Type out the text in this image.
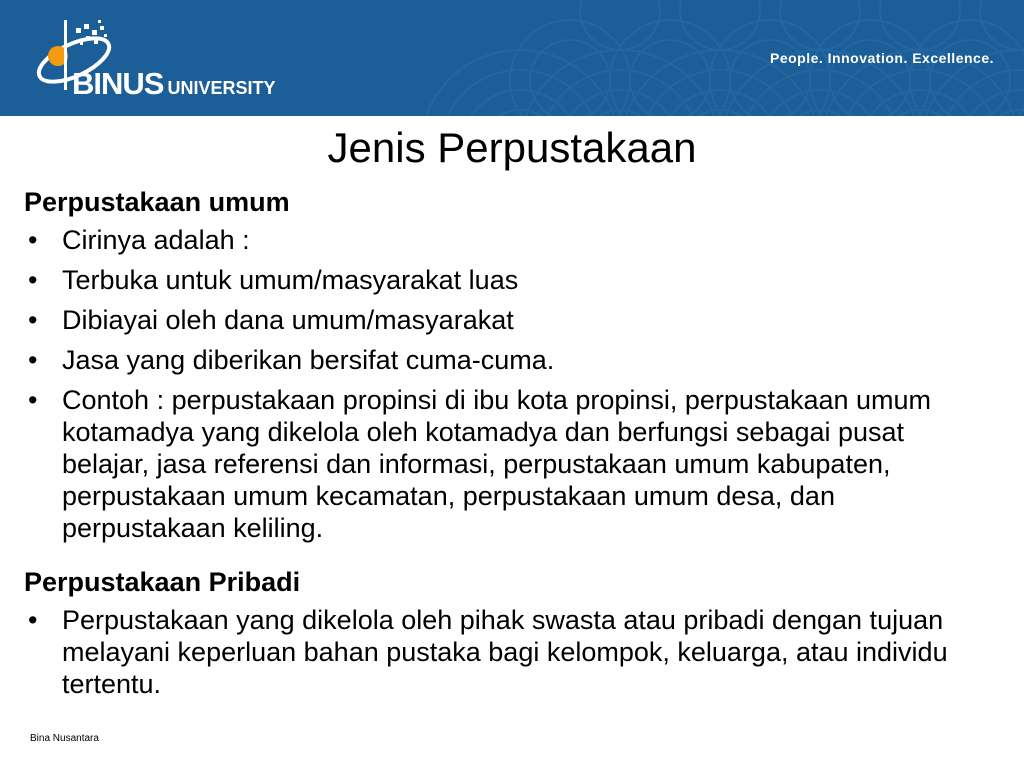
BINUS UNIVERSITY
People. Innovation. Excellence.
Jenis Perpustakaan

Perpustakaan umum

• Cirinya adalah :
• Terbuka untuk umum/masyarakat luas
• Dibiayai oleh dana umum/masyarakat
• Jasa yang diberikan bersifat cuma-cuma.
• Contoh : perpustakaan propinsi di ibu kota propinsi, perpustakaan umum kotamadya yang dikelola oleh kotamadya dan berfungsi sebagai pusat belajar, jasa referensi dan informasi, perpustakaan umum kabupaten, perpustakaan umum kecamatan, perpustakaan umum desa, dan perpustakaan keliling.

Perpustakaan Pribadi

• Perpustakaan yang dikelola oleh pihak swasta atau pribadi dengan tujuan melayani keperluan bahan pustaka bagi kelompok, keluarga, atau individu tertentu.
Bina Nusantara
